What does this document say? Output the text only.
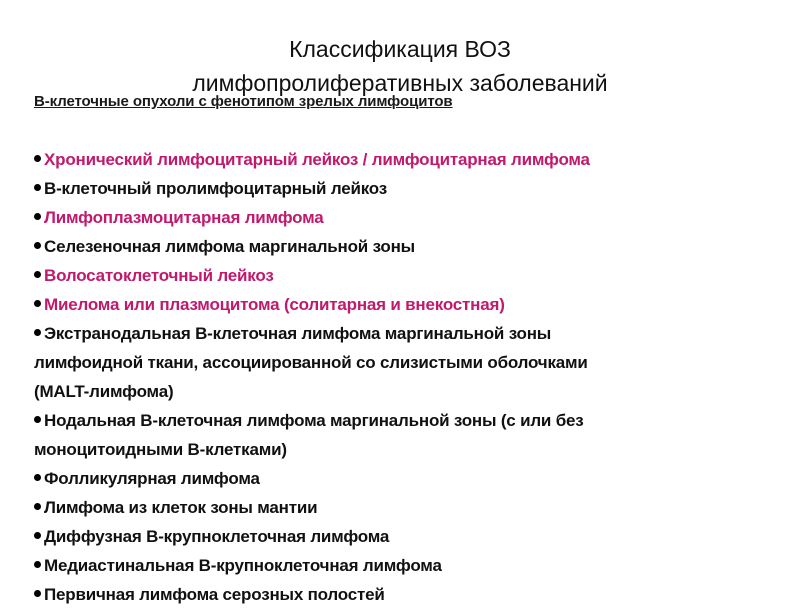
Классификация ВОЗ
лимфопролиферативных заболеваний
В-клеточные опухоли с фенотипом зрелых лимфоцитов
Хронический лимфоцитарный лейкоз / лимфоцитарная лимфома
В-клеточный пролимфоцитарный лейкоз
Лимфоплазмоцитарная лимфома
Селезеночная лимфома маргинальной зоны
Волосатоклеточный лейкоз
Миелома или плазмоцитома (солитарная и внекостная)
Экстранодальная В-клеточная лимфома маргинальной зоны
лимфоидной ткани, ассоциированной со слизистыми оболочками
(MALT-лимфома)
Нодальная В-клеточная лимфома маргинальной зоны (с или без
моноцитоидными В-клетками)
Фолликулярная лимфома
Лимфома из клеток зоны мантии
Диффузная В-крупноклеточная лимфома
Медиастинальная В-крупноклеточная лимфома
Первичная лимфома серозных полостей
